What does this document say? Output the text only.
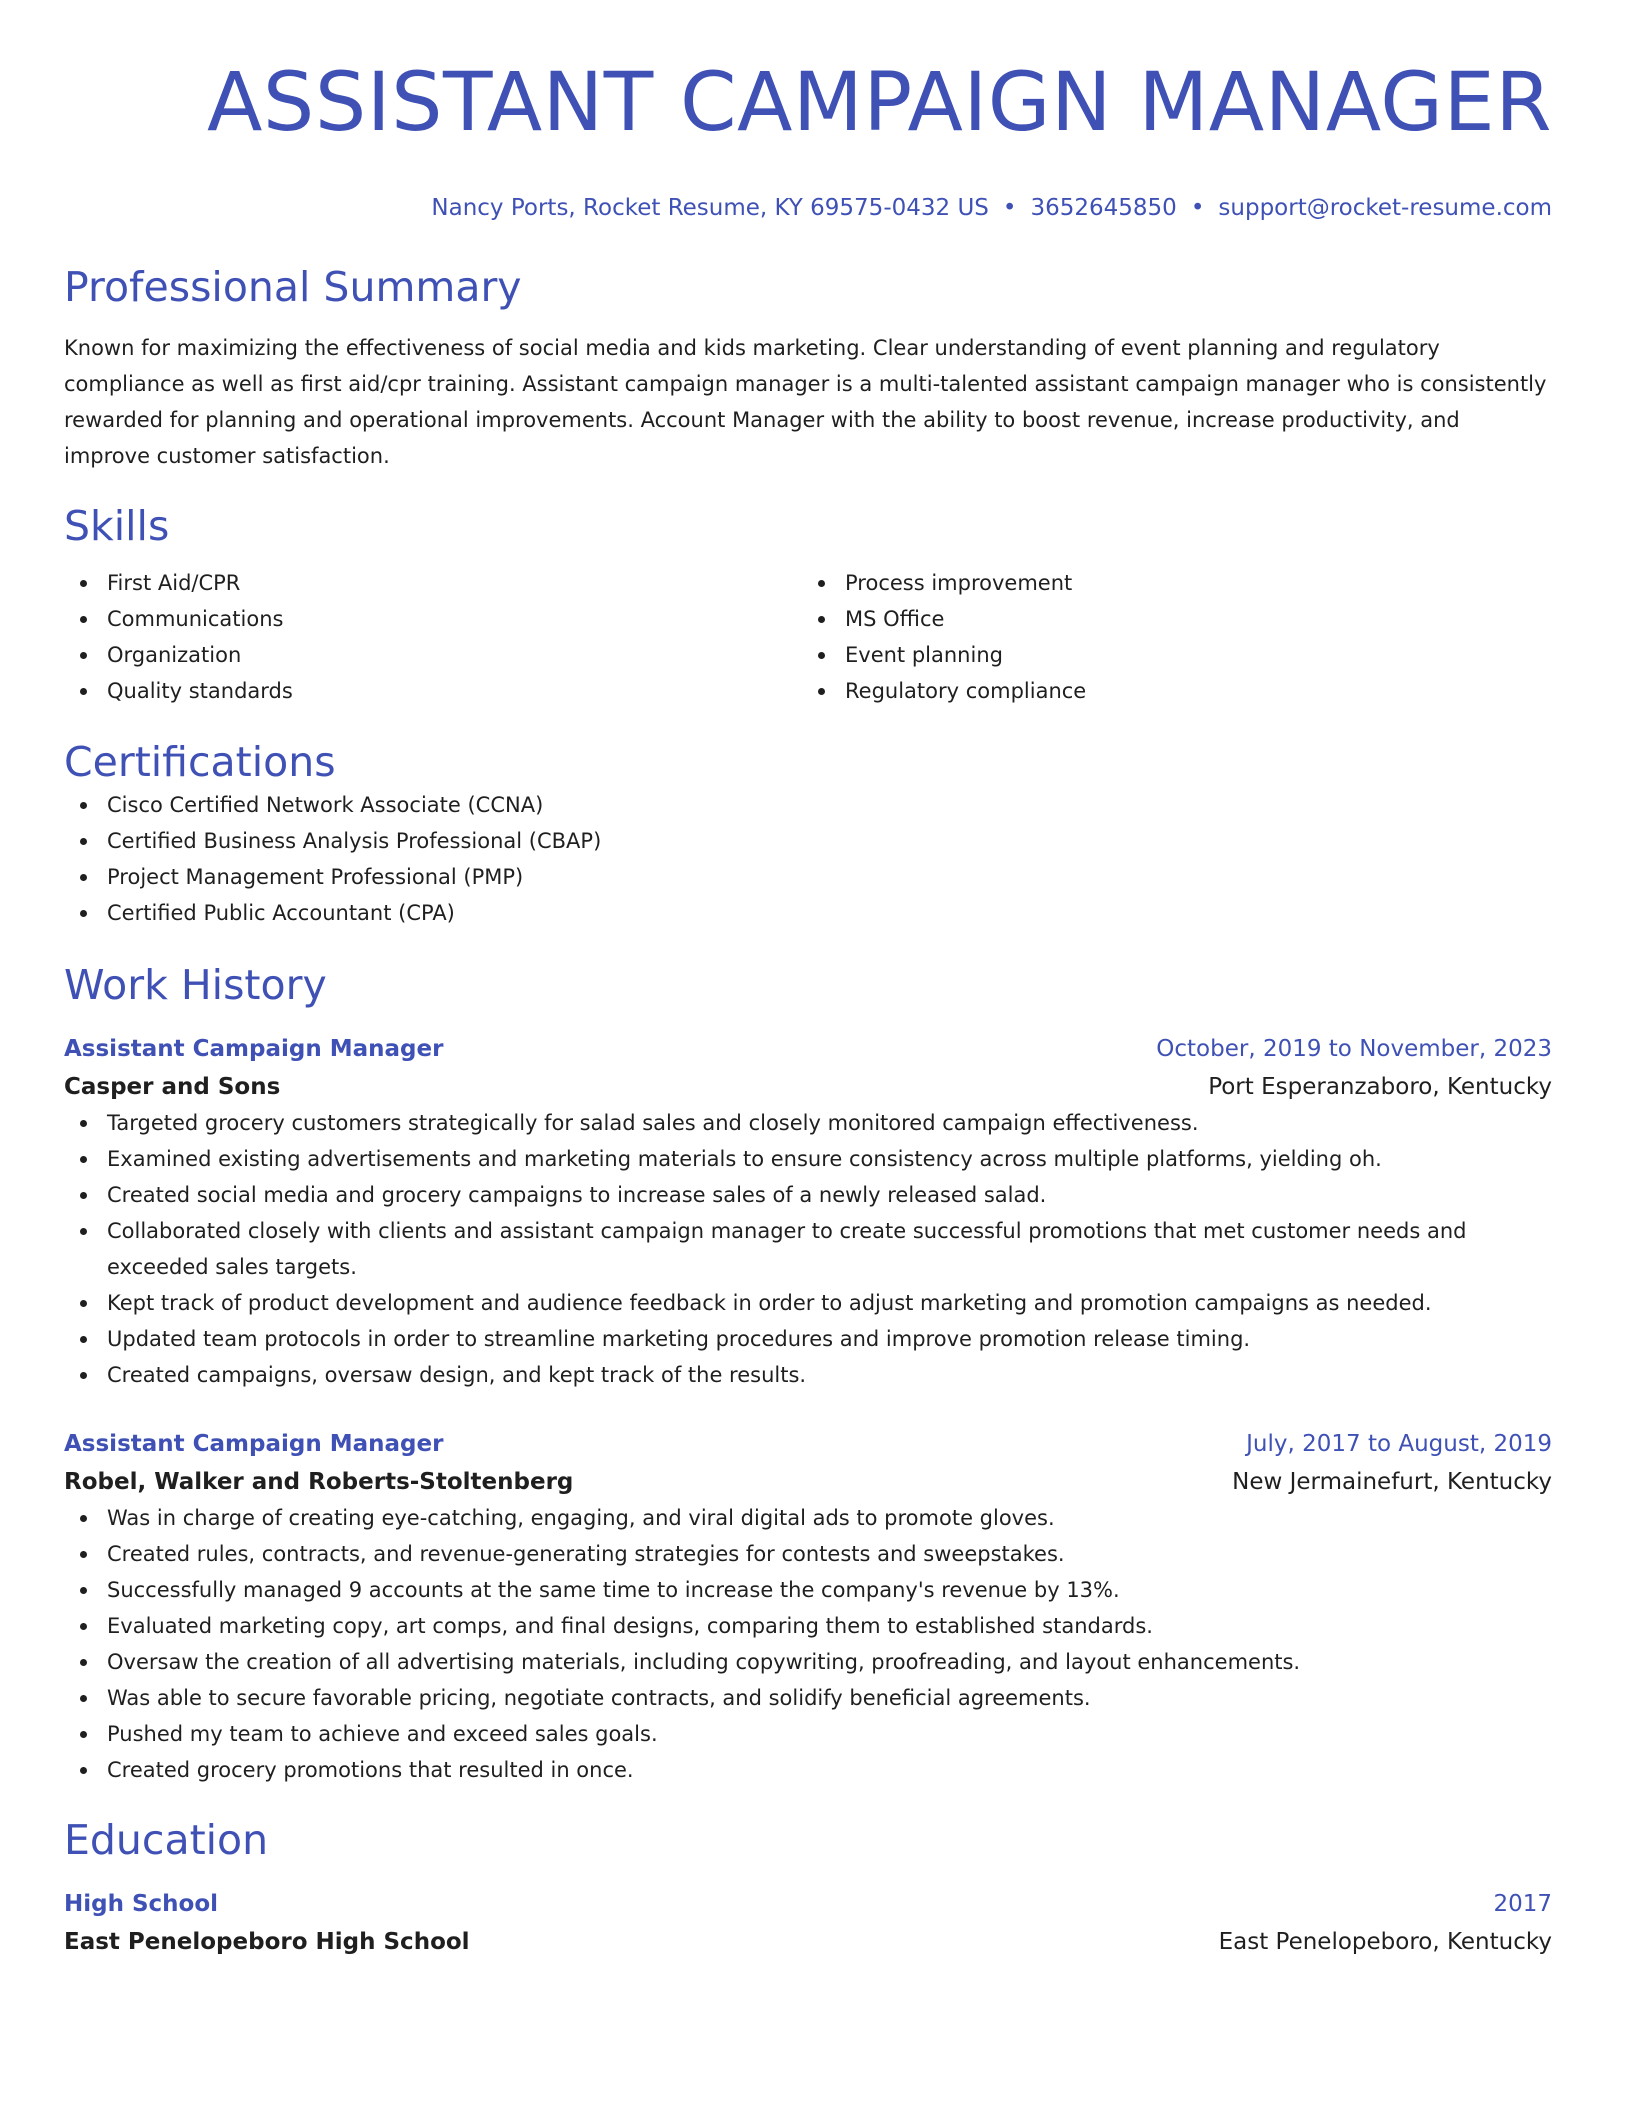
ASSISTANT CAMPAIGN MANAGER
Nancy Ports, Rocket Resume, KY 69575-0432 US • 3652645850 • support@rocket-resume.com
Professional Summary

Known for maximizing the effectiveness of social media and kids marketing. Clear understanding of event planning and regulatory compliance as well as first aid/cpr training. Assistant campaign manager is a multi-talented assistant campaign manager who is consistently rewarded for planning and operational improvements. Account Manager with the ability to boost revenue, increase productivity, and improve customer satisfaction.

Skills
First Aid/CPR
Communications
Organization
Quality standards
Process improvement
MS Office
Event planning
Regulatory compliance
Certifications
Cisco Certified Network Associate (CCNA)
Certified Business Analysis Professional (CBAP)
Project Management Professional (PMP)
Certified Public Accountant (CPA)
Work History
Assistant Campaign Manager	October, 2019 to November, 2023
Casper and Sons	Port Esperanzaboro, Kentucky
Targeted grocery customers strategically for salad sales and closely monitored campaign effectiveness.
Examined existing advertisements and marketing materials to ensure consistency across multiple platforms, yielding oh.
Created social media and grocery campaigns to increase sales of a newly released salad.
Collaborated closely with clients and assistant campaign manager to create successful promotions that met customer needs and exceeded sales targets.
Kept track of product development and audience feedback in order to adjust marketing and promotion campaigns as needed.
Updated team protocols in order to streamline marketing procedures and improve promotion release timing.
Created campaigns, oversaw design, and kept track of the results.
Assistant Campaign Manager	July, 2017 to August, 2019
Robel, Walker and Roberts-Stoltenberg	New Jermainefurt, Kentucky
Was in charge of creating eye-catching, engaging, and viral digital ads to promote gloves.
Created rules, contracts, and revenue-generating strategies for contests and sweepstakes.
Successfully managed 9 accounts at the same time to increase the company's revenue by 13%.
Evaluated marketing copy, art comps, and final designs, comparing them to established standards.
Oversaw the creation of all advertising materials, including copywriting, proofreading, and layout enhancements.
Was able to secure favorable pricing, negotiate contracts, and solidify beneficial agreements.
Pushed my team to achieve and exceed sales goals.
Created grocery promotions that resulted in once.
Education
High School	2017
East Penelopeboro High School	East Penelopeboro, Kentucky
